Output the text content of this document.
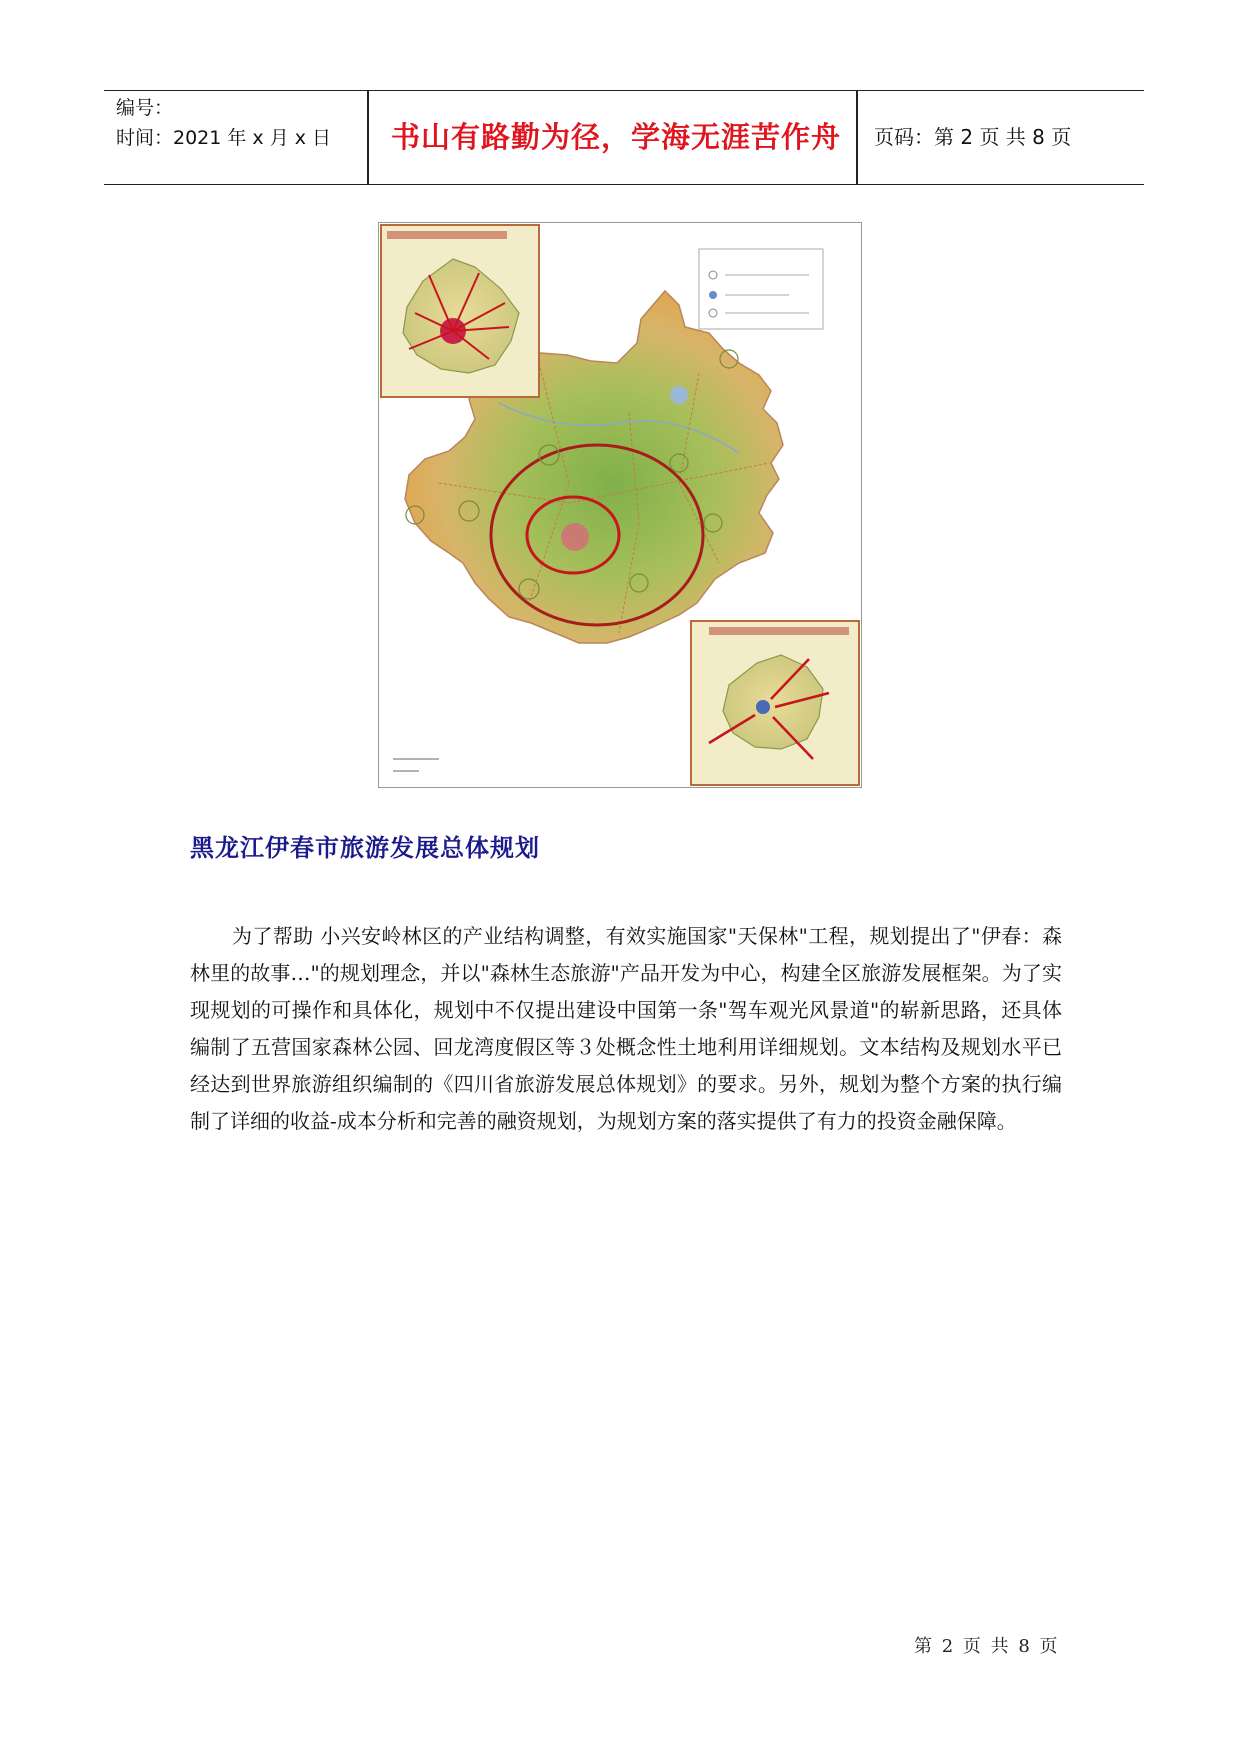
编号：
时间：2021 年 x 月 x 日	书山有路勤为径，学海无涯苦作舟	页码：第 2 页 共 8 页
黑龙江伊春市旅游发展总体规划
为了帮助 小兴安岭林区的产业结构调整，有效实施国家"天保林"工程，规划提出了"伊春：森林里的故事…"的规划理念，并以"森林生态旅游"产品开发为中心，构建全区旅游发展框架。为了实现规划的可操作和具体化，规划中不仅提出建设中国第一条"驾车观光风景道"的崭新思路，还具体编制了五营国家森林公园、回龙湾度假区等３处概念性土地利用详细规划。文本结构及规划水平已经达到世界旅游组织编制的《四川省旅游发展总体规划》的要求。另外，规划为整个方案的执行编制了详细的收益-成本分析和完善的融资规划，为规划方案的落实提供了有力的投资金融保障。
第 2 页 共 8 页
